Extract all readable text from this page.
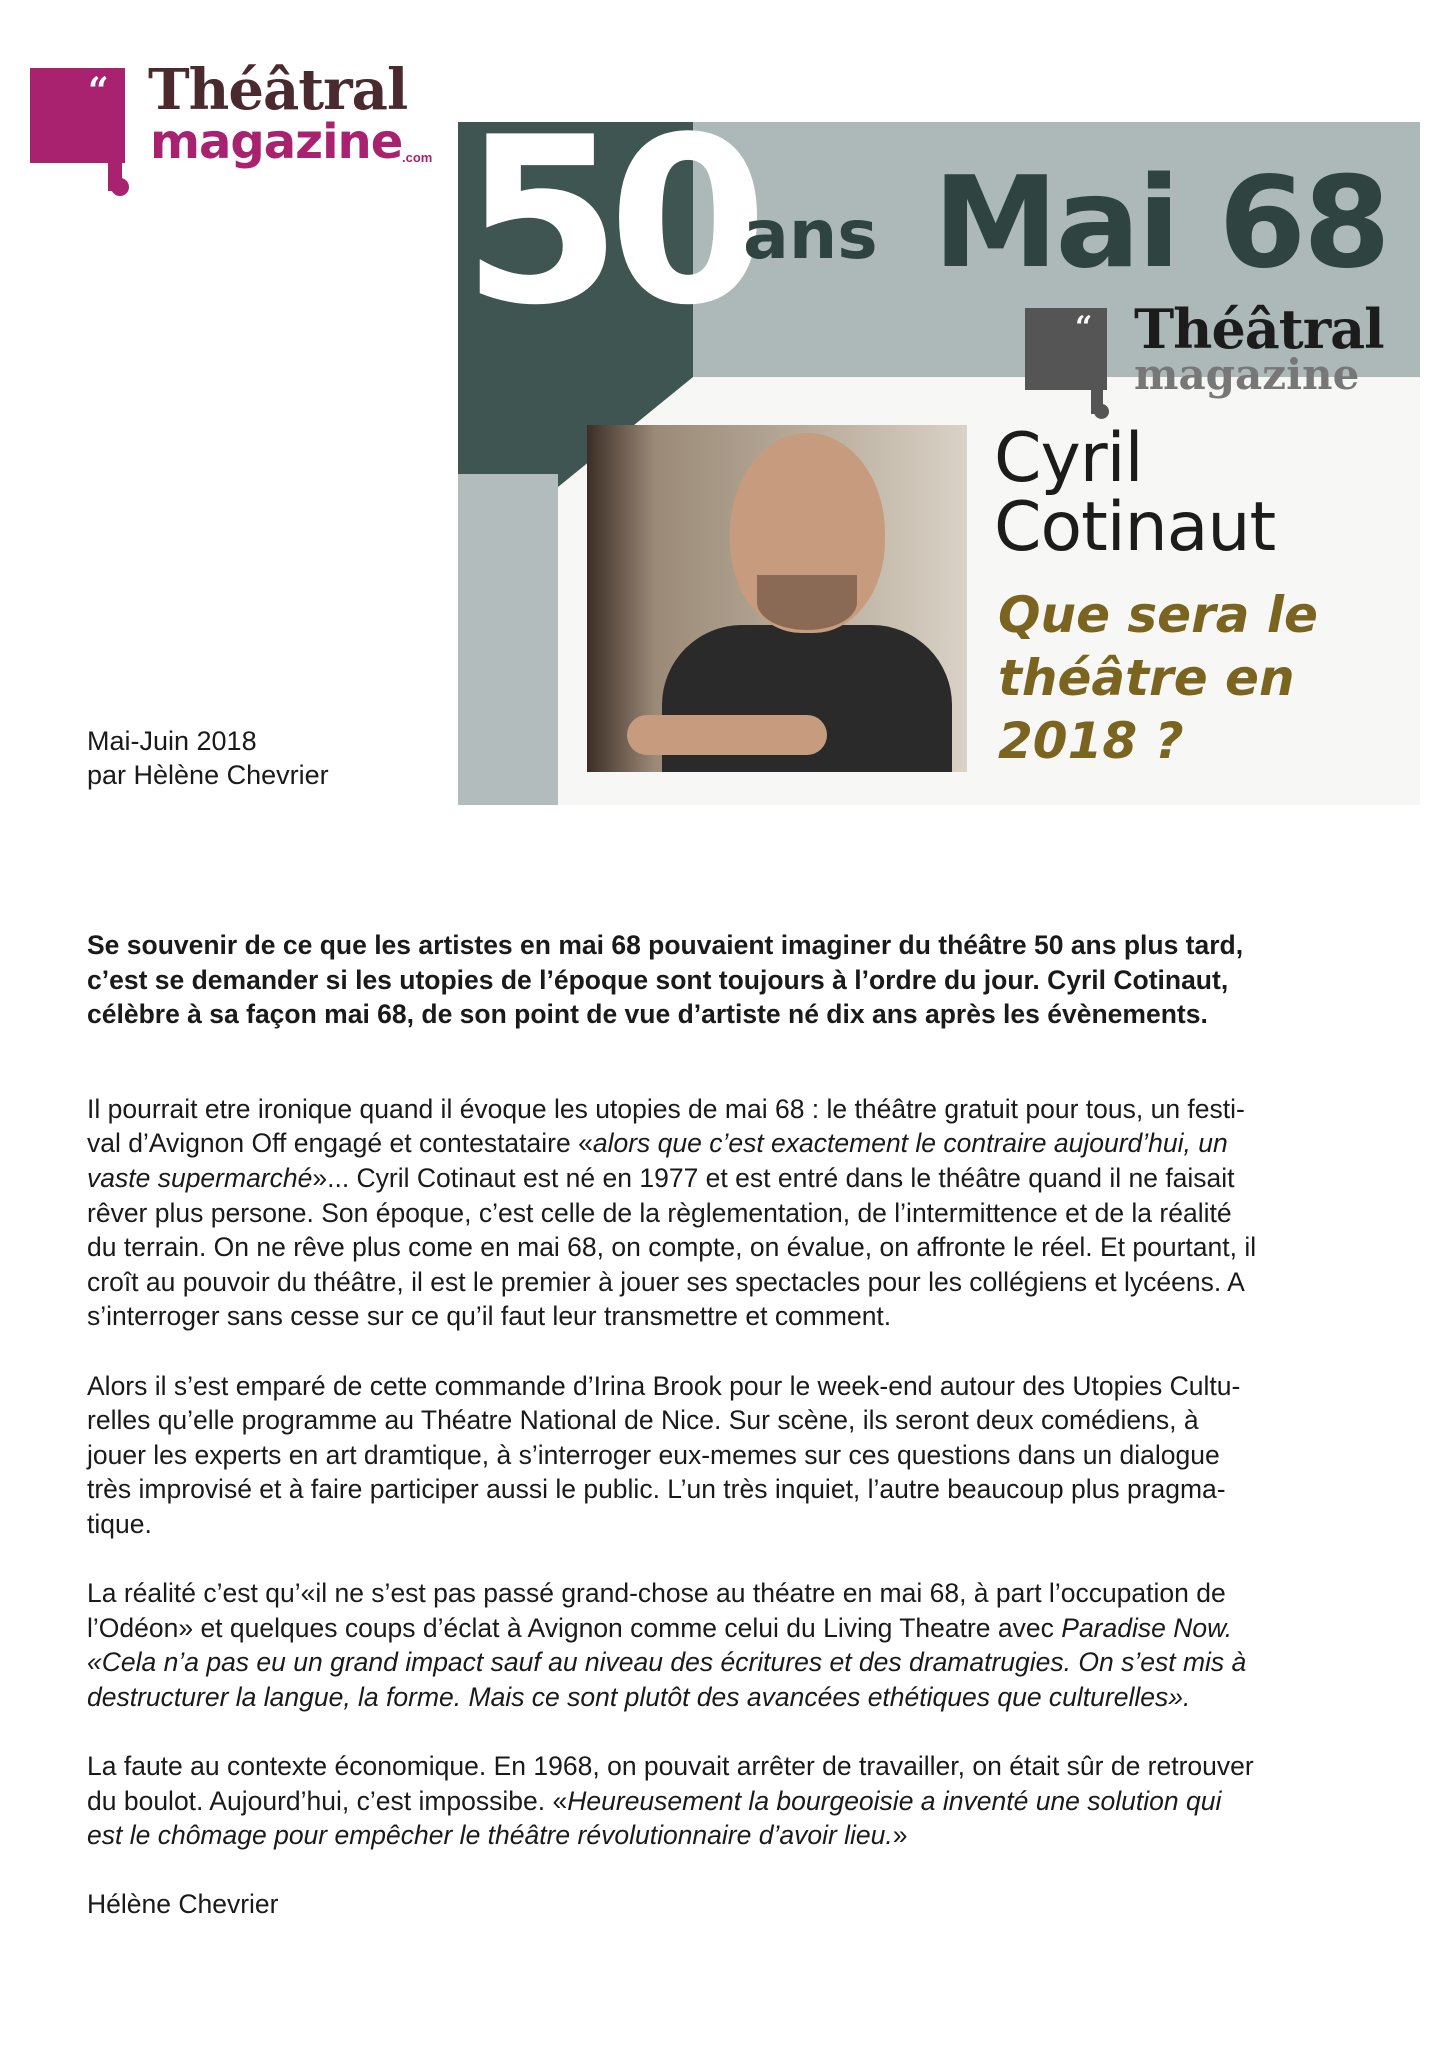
“ Théâtral
magazine .com 50
ans Mai 68
“ Théâtral
magazine
Cyril
Cotinaut
Que sera le
théâtre en
2018 ?
Mai-Juin 2018
par Hèlène Chevrier

Se souvenir de ce que les artistes en mai 68 pouvaient imaginer du théâtre 50 ans plus tard,
c’est se demander si les utopies de l’époque sont toujours à l’ordre du jour. Cyril Cotinaut,
célèbre à sa façon mai 68, de son point de vue d’artiste né dix ans après les évènements.

Il pourrait etre ironique quand il évoque les utopies de mai 68 : le théâtre gratuit pour tous, un festi-
val d’Avignon Off engagé et contestataire «alors que c’est exactement le contraire aujourd’hui, un
vaste supermarché»... Cyril Cotinaut est né en 1977 et est entré dans le théâtre quand il ne faisait
rêver plus persone. Son époque, c’est celle de la règlementation, de l’intermittence et de la réalité
du terrain. On ne rêve plus come en mai 68, on compte, on évalue, on affronte le réel. Et pourtant, il
croît au pouvoir du théâtre, il est le premier à jouer ses spectacles pour les collégiens et lycéens. A
s’interroger sans cesse sur ce qu’il faut leur transmettre et comment.

Alors il s’est emparé de cette commande d’Irina Brook pour le week-end autour des Utopies Cultu-
relles qu’elle programme au Théatre National de Nice. Sur scène, ils seront deux comédiens, à
jouer les experts en art dramtique, à s’interroger eux-memes sur ces questions dans un dialogue
très improvisé et à faire participer aussi le public. L’un très inquiet, l’autre beaucoup plus pragma-
tique.

La réalité c’est qu’«il ne s’est pas passé grand-chose au théatre en mai 68, à part l’occupation de
l’Odéon» et quelques coups d’éclat à Avignon comme celui du Living Theatre avec Paradise Now.
«Cela n’a pas eu un grand impact sauf au niveau des écritures et des dramatrugies. On s’est mis à
destructurer la langue, la forme. Mais ce sont plutôt des avancées ethétiques que culturelles».

La faute au contexte économique. En 1968, on pouvait arrêter de travailler, on était sûr de retrouver
du boulot. Aujourd’hui, c’est impossibe. «Heureusement la bourgeoisie a inventé une solution qui
est le chômage pour empêcher le théâtre révolutionnaire d’avoir lieu.»

Hélène Chevrier
